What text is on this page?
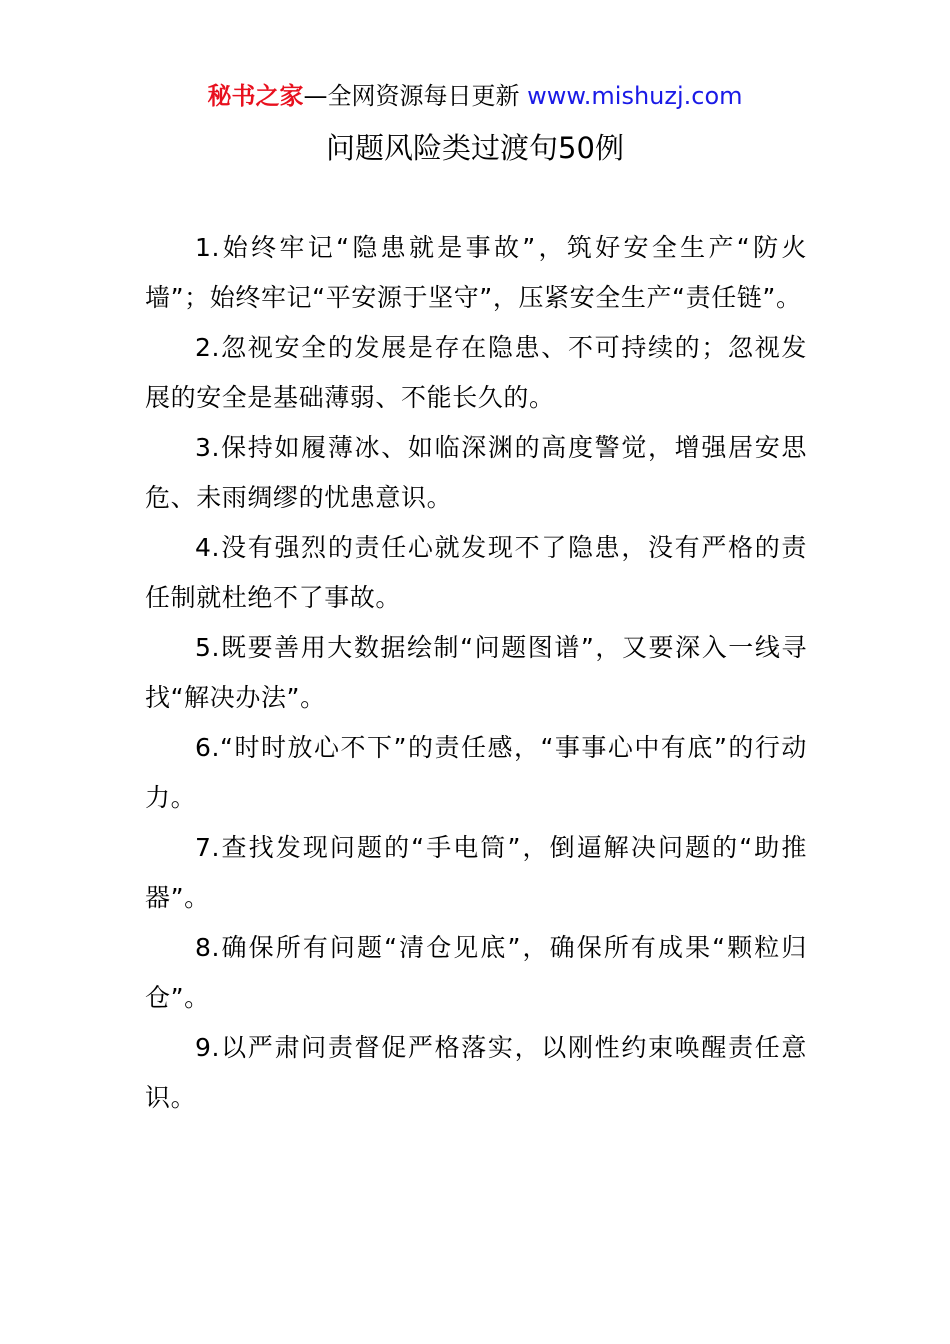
秘书之家—全网资源每日更新 www.mishuzj.com
问题风险类过渡句50例

1.始终牢记“隐患就是事故”，筑好安全生产“防火墙”；始终牢记“平安源于坚守”，压紧安全生产“责任链”。

2.忽视安全的发展是存在隐患、不可持续的；忽视发展的安全是基础薄弱、不能长久的。

3.保持如履薄冰、如临深渊的高度警觉，增强居安思危、未雨绸缪的忧患意识。

4.没有强烈的责任心就发现不了隐患，没有严格的责任制就杜绝不了事故。

5.既要善用大数据绘制“问题图谱”，又要深入一线寻找“解决办法”。

6.“时时放心不下”的责任感，“事事心中有底”的行动力。

7.查找发现问题的“手电筒”，倒逼解决问题的“助推器”。

8.确保所有问题“清仓见底”，确保所有成果“颗粒归仓”。

9.以严肃问责督促严格落实，以刚性约束唤醒责任意识。
